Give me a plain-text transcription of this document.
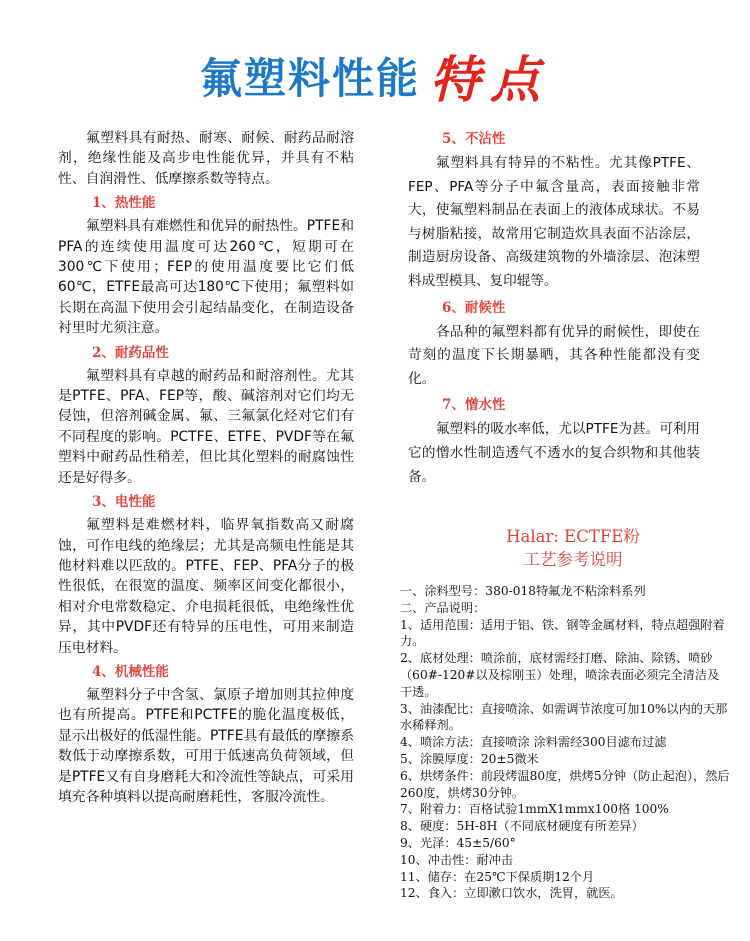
氟塑料性能 特点

氟塑料具有耐热、耐寒、耐候、耐药品耐溶剂，绝缘性能及高步电性能优异，并具有不粘性、自润滑性、低摩擦系数等特点。

1、热性能

氟塑料具有难燃性和优异的耐热性。PTFE和PFA的连续使用温度可达260℃，短期可在300℃下使用；FEP的使用温度要比它们低60℃，ETFE最高可达180℃下使用；氟塑料如长期在高温下使用会引起结晶变化，在制造设备衬里时尤须注意。

2、耐药品性

氟塑料具有卓越的耐药品和耐溶剂性。尤其是PTFE、PFA、FEP等，酸、碱溶剂对它们均无侵蚀，但溶剂碱金属、氟、三氟氯化烃对它们有不同程度的影响。PCTFE、ETFE、PVDF等在氟塑料中耐药品性稍差，但比其化塑料的耐腐蚀性还是好得多。

3、电性能

氟塑料是难燃材料，临界氧指数高又耐腐蚀，可作电线的绝缘层；尤其是高频电性能是其他材料难以匹敌的。PTFE、FEP、PFA分子的极性很低，在很宽的温度、频率区间变化都很小，相对介电常数稳定、介电损耗很低，电绝缘性优异，其中PVDF还有特异的压电性，可用来制造压电材料。

4、机械性能

氟塑料分子中含氢、氯原子增加则其拉伸度也有所提高。PTFE和PCTFE的脆化温度极低，显示出极好的低湿性能。PTFE具有最低的摩擦系数低于动摩擦系数，可用于低速高负荷领域，但是PTFE又有自身磨耗大和冷流性等缺点，可采用填充各种填料以提高耐磨耗性，客服冷流性。

5、不沾性

氟塑料具有特异的不粘性。尤其像PTFE、FEP、PFA等分子中氟含量高，表面接触非常大，使氟塑料制品在表面上的液体成球状。不易与树脂粘接，故常用它制造炊具表面不沾涂层，制造厨房设备、高级建筑物的外墙涂层、泡沫塑料成型模具、复印辊等。

6、耐候性

各品种的氟塑料都有优异的耐候性，即使在苛刻的温度下长期暴晒，其各种性能都没有变化。

7、憎水性

氟塑料的吸水率低，尤以PTFE为甚。可利用它的憎水性制造透气不透水的复合织物和其他装备。

Halar: ECTFE粉
工艺参考说明
一、涂料型号：380-018特氟龙不粘涂料系列
二、产品说明：
1、适用范围：适用于铝、铁、钢等金属材料，特点超强附着力。
2、底材处理：喷涂前，底材需经打磨、除油、除锈、喷砂（60#-120#以及棕刚玉）处理，喷涂表面必须完全清洁及干透。
3、油漆配比：直接喷涂、如需调节浓度可加10%以内的天那水稀释剂。
4、喷涂方法：直接喷涂 涂料需经300目滤布过滤
5、涂膜厚度：20±5微米
6、烘烤条件：前段烤温80度，烘烤5分钟（防止起泡），然后260度，烘烤30分钟。
7、附着力：百格试验1mmX1mmx100格 100%
8、硬度：5H-8H（不同底材硬度有所差异）
9、光泽：45±5/60°
10、冲击性：耐冲击
11、储存：在25℃下保质期12个月
12、食入：立即漱口饮水，洗胃，就医。
